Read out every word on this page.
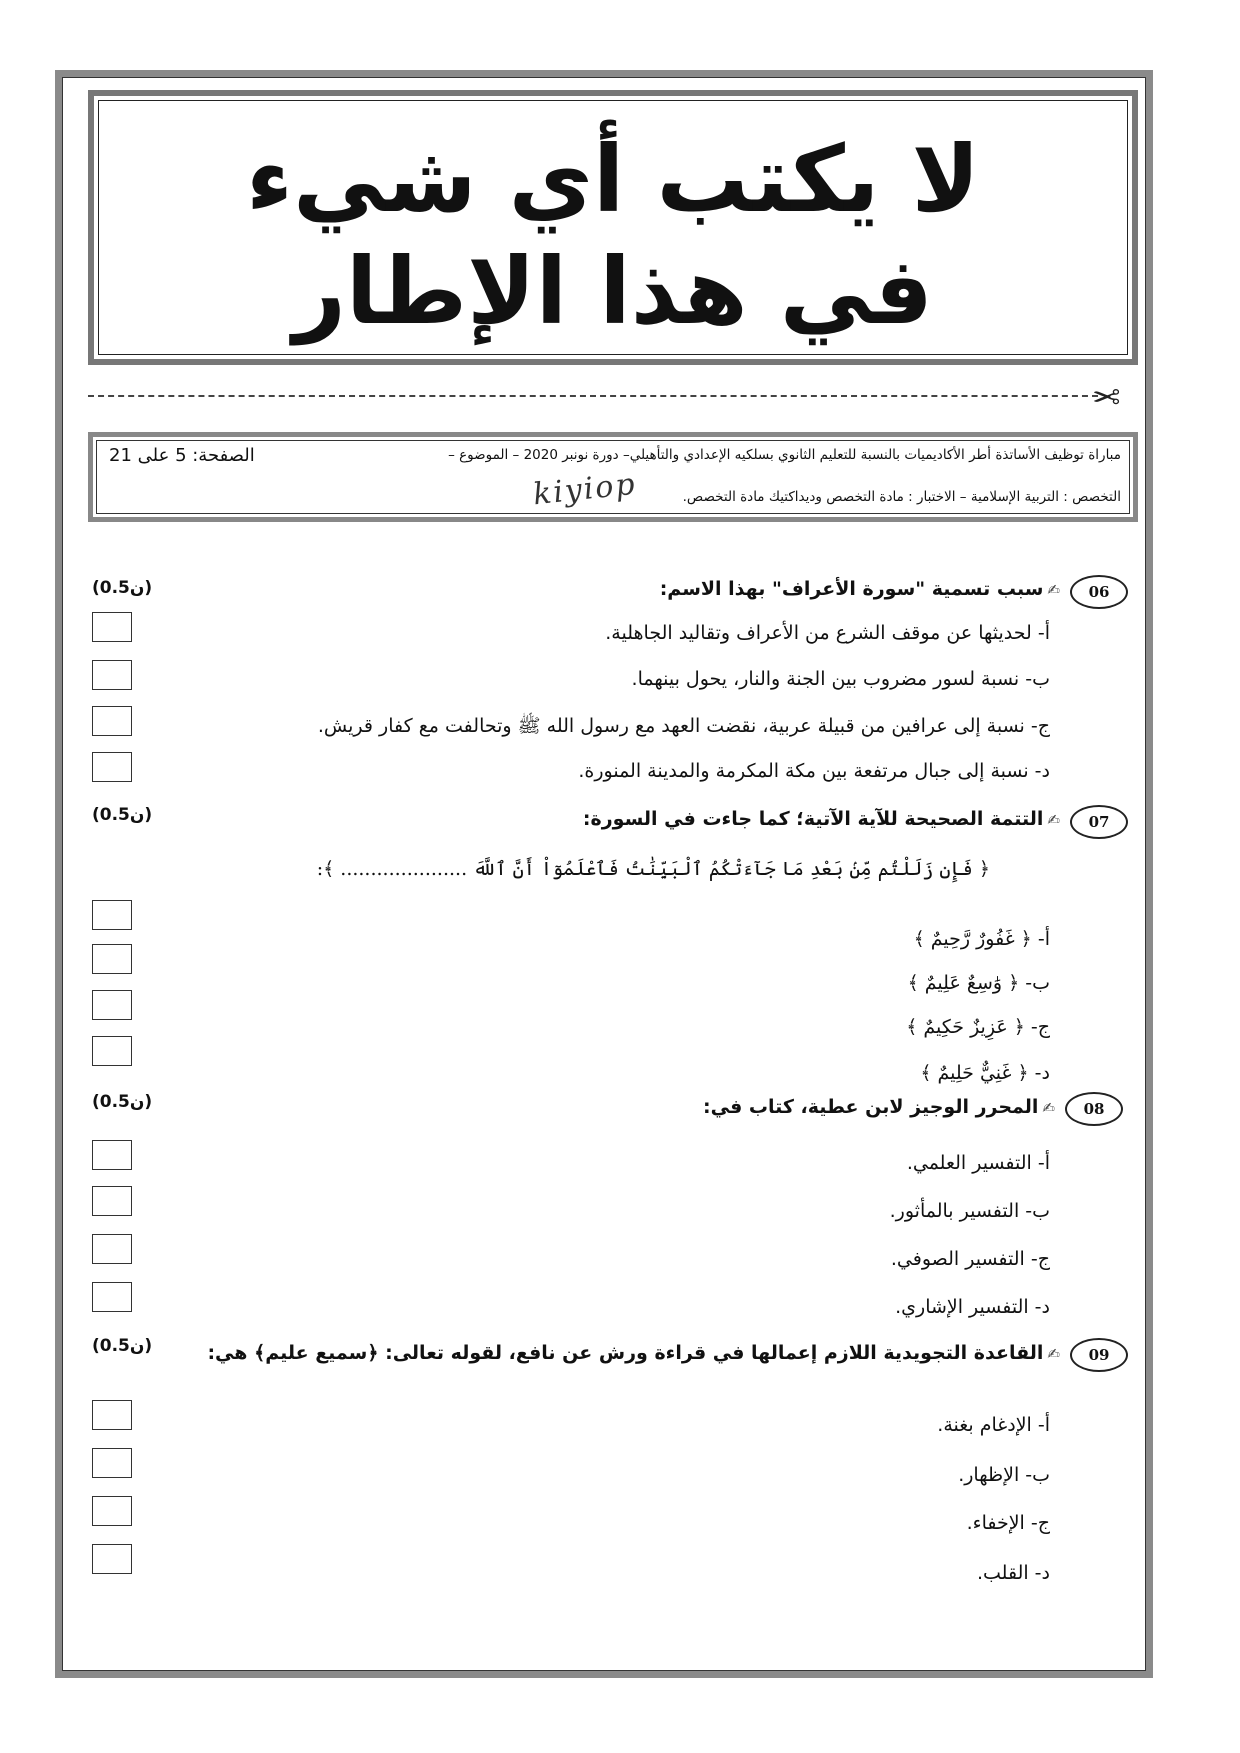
لا يكتب أي شيء
في هذا الإطار
✂
مباراة توظيف الأساتذة أطر الأكاديميات بالنسبة للتعليم الثانوي بسلكيه الإعدادي والتأهيلي– دورة نونبر 2020 – الموضوع –
الصفحة: 5 على 21
التخصص : التربية الإسلامية – الاختبار : مادة التخصص وديداكتيك مادة التخصص.
kiyiop
06
✍سبب تسمية "سورة الأعراف" بهذا الاسم:
(0.5ن)
أ- لحديثها عن موقف الشرع من الأعراف وتقاليد الجاهلية.
ب- نسبة لسور مضروب بين الجنة والنار، يحول بينهما.
ج- نسبة إلى عرافين من قبيلة عربية، نقضت العهد مع رسول الله ﷺ وتحالفت مع كفار قريش.
د- نسبة إلى جبال مرتفعة بين مكة المكرمة والمدينة المنورة.
07
✍التتمة الصحيحة للآية الآتية؛ كما جاءت في السورة:
(0.5ن)
﴿ فَإِن زَلَلْتُم مِّنۢ بَعْدِ مَا جَآءَتْكُمُ ٱلْبَيِّنَٰتُ فَٱعْلَمُوٓاْ أَنَّ ٱللَّهَ ..................... ﴾:
أ- ﴿ غَفُورٌ رَّحِيمٌ ﴾
ب- ﴿ وَٰسِعٌ عَلِيمٌ ﴾
ج- ﴿ عَزِيزٌ حَكِيمٌ ﴾
د- ﴿ غَنِيٌّ حَلِيمٌ ﴾
08
✍المحرر الوجيز لابن عطية، كتاب في:
(0.5ن)
أ- التفسير العلمي.
ب- التفسير بالمأثور.
ج- التفسير الصوفي.
د- التفسير الإشاري.
09
✍القاعدة التجويدية اللازم إعمالها في قراءة ورش عن نافع، لقوله تعالى: ﴿سميع عليم﴾ هي:
(0.5ن)
أ- الإدغام بغنة.
ب- الإظهار.
ج- الإخفاء.
د- القلب.
